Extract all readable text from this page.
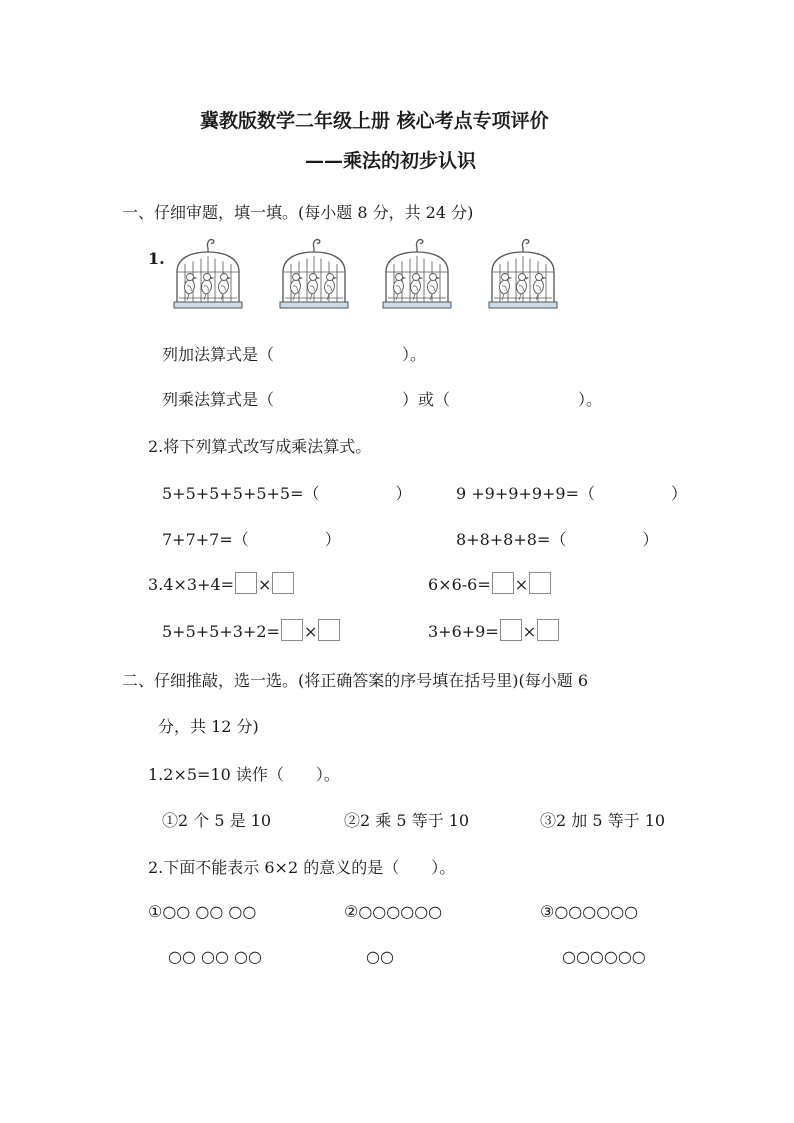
冀教版数学二年级上册 核心考点专项评价
——乘法的初步认识
一、仔细审题，填一填。(每小题 8 分，共 24 分)
1.
列加法算式是（	）。
列乘法算式是（	）或（	）。
2.将下列算式改写成乘法算式。
5+5+5+5+5+5=（	）	9 +9+9+9+9=（	）
7+7+7=（	）	8+8+8+8=（	）
3.4×3+4= ×	6×6-6= ×
5+5+5+3+2= ×	3+6+9= ×
二、仔细推敲，选一选。(将正确答案的序号填在括号里)(每小题 6
分，共 12 分)
1.2×5=10 读作（　　）。
①2 个 5 是 10	②2 乘 5 等于 10	③2 加 5 等于 10
2.下面不能表示 6×2 的意义的是（　　）。
①○○ ○○ ○○
○○ ○○ ○○
②○○○○○○
○○
③○○○○○○
○○○○○○
